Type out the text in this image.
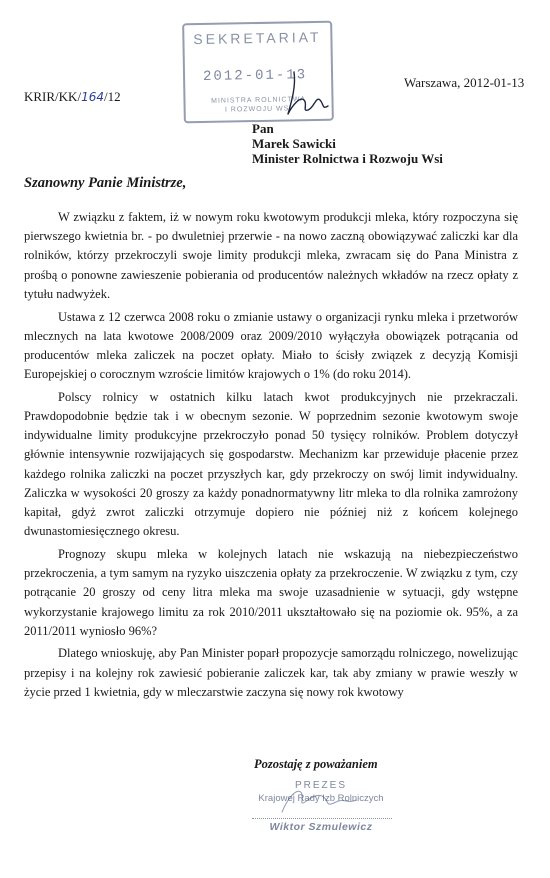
SEKRETARIAT
2012-01-13
MINISTRA ROLNICTWA
I ROZWOJU WSI
Warszawa, 2012-01-13
KRIR/KK/164/12
Pan
Marek Sawicki
Minister Rolnictwa i Rozwoju Wsi
Szanowny Panie Ministrze,

W związku z faktem, iż w nowym roku kwotowym produkcji mleka, który rozpoczyna się pierwszego kwietnia br. - po dwuletniej przerwie - na nowo zaczną obowiązywać zaliczki kar dla rolników, którzy przekroczyli swoje limity produkcji mleka, zwracam się do Pana Ministra z prośbą o ponowne zawieszenie pobierania od producentów należnych wkładów na rzecz opłaty z tytułu nadwyżek.

Ustawa z 12 czerwca 2008 roku o zmianie ustawy o organizacji rynku mleka i przetworów mlecznych na lata kwotowe 2008/2009 oraz 2009/2010 wyłączyła obowiązek potrącania od producentów mleka zaliczek na poczet opłaty. Miało to ścisły związek z decyzją Komisji Europejskiej o corocznym wzroście limitów krajowych o 1% (do roku 2014).

Polscy rolnicy w ostatnich kilku latach kwot produkcyjnych nie przekraczali. Prawdopodobnie będzie tak i w obecnym sezonie. W poprzednim sezonie kwotowym swoje indywidualne limity produkcyjne przekroczyło ponad 50 tysięcy rolników. Problem dotyczył głównie intensywnie rozwijających się gospodarstw. Mechanizm kar przewiduje płacenie przez każdego rolnika zaliczki na poczet przyszłych kar, gdy przekroczy on swój limit indywidualny. Zaliczka w wysokości 20 groszy za każdy ponadnormatywny litr mleka to dla rolnika zamrożony kapitał, gdyż zwrot zaliczki otrzymuje dopiero nie później niż z końcem kolejnego dwunastomiesięcznego okresu.

Prognozy skupu mleka w kolejnych latach nie wskazują na niebezpieczeństwo przekroczenia, a tym samym na ryzyko uiszczenia opłaty za przekroczenie. W związku z tym, czy potrącanie 20 groszy od ceny litra mleka ma swoje uzasadnienie w sytuacji, gdy wstępne wykorzystanie krajowego limitu za rok 2010/2011 ukształtowało się na poziomie ok. 95%, a za 2011/2011 wyniosło 96%?

Dlatego wnioskuję, aby Pan Minister poparł propozycje samorządu rolniczego, nowelizując przepisy i na kolejny rok zawiesić pobieranie zaliczek kar, tak aby zmiany w prawie weszły w życie przed 1 kwietnia, gdy w mleczarstwie zaczyna się nowy rok kwotowy

Pozostaję z poważaniem
PREZES
Krajowej Rady Izb Rolniczych
Wiktor Szmulewicz
